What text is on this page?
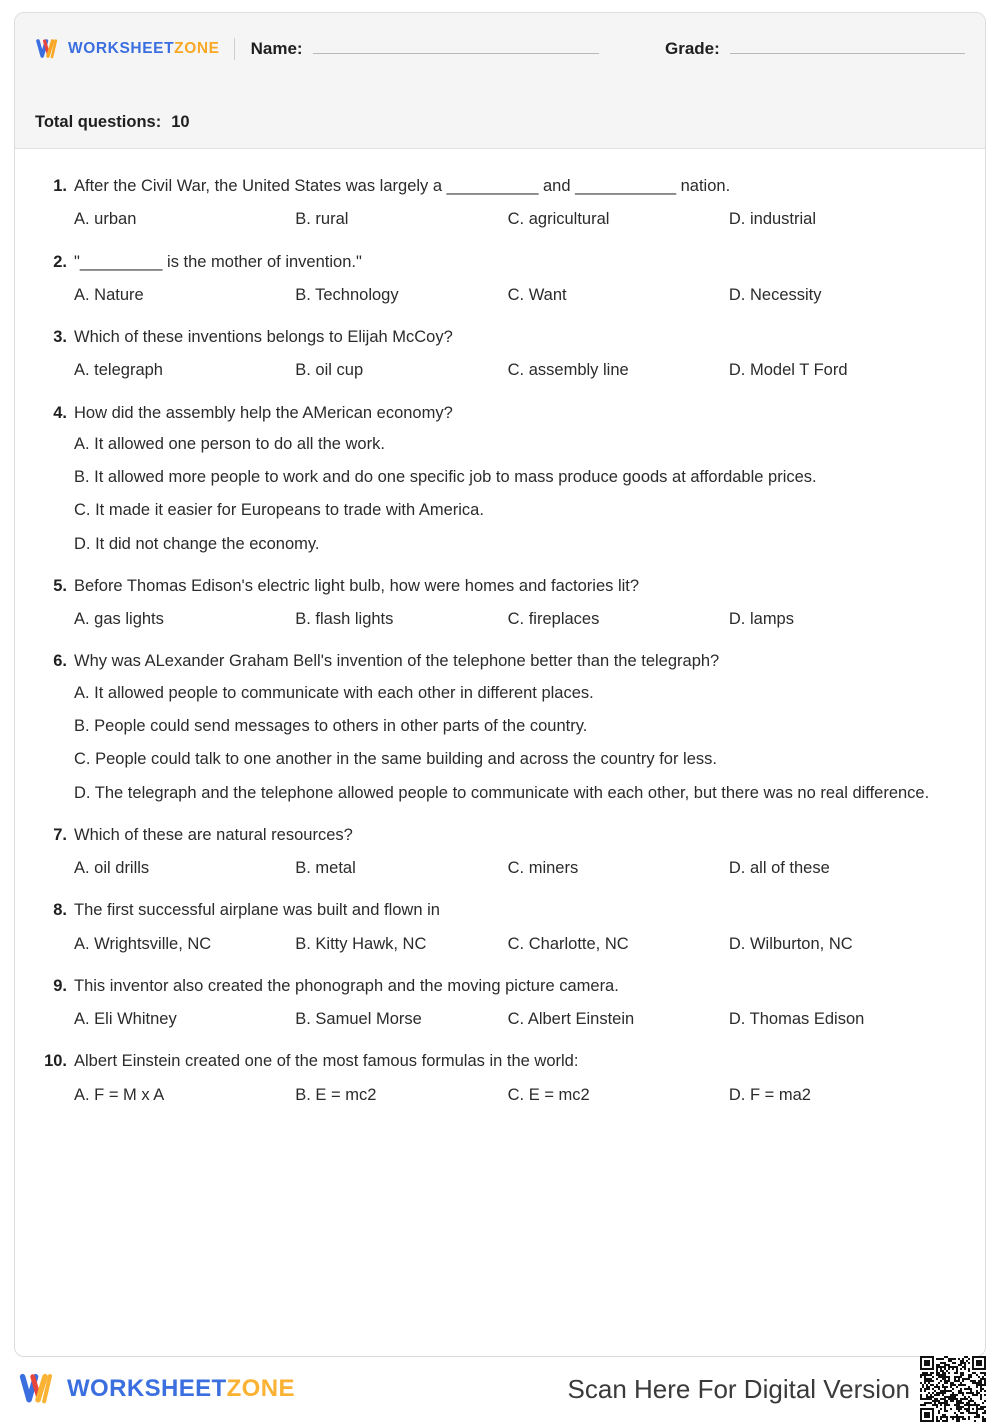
WORKSHEETZONE Name:	Grade:
Total questions: 10
1. After the Civil War, the United States was largely a __________ and ___________ nation.
A. urban	B. rural	C. agricultural	D. industrial
2. "_________ is the mother of invention."
A. Nature	B. Technology	C. Want	D. Necessity
3. Which of these inventions belongs to Elijah McCoy?
A. telegraph	B. oil cup	C. assembly line	D. Model T Ford
4. How did the assembly help the AMerican economy?
A. It allowed one person to do all the work.
B. It allowed more people to work and do one specific job to mass produce goods at affordable prices.
C. It made it easier for Europeans to trade with America.
D. It did not change the economy.
5. Before Thomas Edison's electric light bulb, how were homes and factories lit?
A. gas lights	B. flash lights	C. fireplaces	D. lamps
6. Why was ALexander Graham Bell's invention of the telephone better than the telegraph?
A. It allowed people to communicate with each other in different places.
B. People could send messages to others in other parts of the country.
C. People could talk to one another in the same building and across the country for less.
D. The telegraph and the telephone allowed people to communicate with each other, but there was no real difference.
7. Which of these are natural resources?
A. oil drills	B. metal	C. miners	D. all of these
8. The first successful airplane was built and flown in
A. Wrightsville, NC	B. Kitty Hawk, NC	C. Charlotte, NC	D. Wilburton, NC
9. This inventor also created the phonograph and the moving picture camera.
A. Eli Whitney	B. Samuel Morse	C. Albert Einstein	D. Thomas Edison
10. Albert Einstein created one of the most famous formulas in the world:
A. F = M x A	B. E = mc2	C. E = mc2	D. F = ma2
WORKSHEETZONE	Scan Here For Digital Version
